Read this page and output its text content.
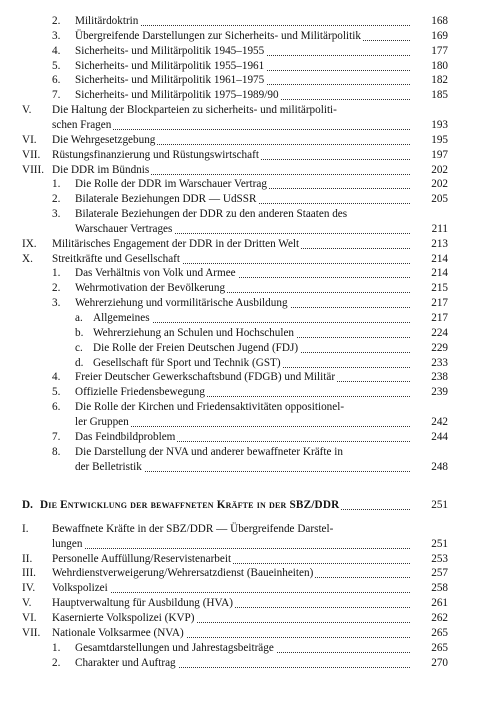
2. Militärdoktrin	168
3. Übergreifende Darstellungen zur Sicherheits- und Militärpolitik	169
4. Sicherheits- und Militärpolitik 1945–1955	177
5. Sicherheits- und Militärpolitik 1955–1961	180
6. Sicherheits- und Militärpolitik 1961–1975	182
7. Sicherheits- und Militärpolitik 1975–1989/90	185
V. Die Haltung der Blockparteien zu sicherheits- und militärpoliti-
schen Fragen	193
VI. Die Wehrgesetzgebung	195
VII. Rüstungsfinanzierung und Rüstungswirtschaft	197
VIII. Die DDR im Bündnis	202
1. Die Rolle der DDR im Warschauer Vertrag	202
2. Bilaterale Beziehungen DDR — UdSSR	205
3. Bilaterale Beziehungen der DDR zu den anderen Staaten des
Warschauer Vertrages	211
IX. Militärisches Engagement der DDR in der Dritten Welt	213
X. Streitkräfte und Gesellschaft	214
1. Das Verhältnis von Volk und Armee	214
2. Wehrmotivation der Bevölkerung	215
3. Wehrerziehung und vormilitärische Ausbildung	217
a. Allgemeines	217
b. Wehrerziehung an Schulen und Hochschulen	224
c. Die Rolle der Freien Deutschen Jugend (FDJ)	229
d. Gesellschaft für Sport und Technik (GST)	233
4. Freier Deutscher Gewerkschaftsbund (FDGB) und Militär	238
5. Offizielle Friedensbewegung	239
6. Die Rolle der Kirchen und Friedensaktivitäten oppositionel-
ler Gruppen	242
7. Das Feindbildproblem	244
8. Die Darstellung der NVA und anderer bewaffneter Kräfte in
der Belletristik	248
D. Die Entwicklung der bewaffneten Kräfte in der SBZ/DDR	251
I. Bewaffnete Kräfte in der SBZ/DDR — Übergreifende Darstel-
lungen	251
II. Personelle Auffüllung/Reservistenarbeit	253
III. Wehrdienstverweigerung/Wehrersatzdienst (Baueinheiten)	257
IV. Volkspolizei	258
V. Hauptverwaltung für Ausbildung (HVA)	261
VI. Kasernierte Volkspolizei (KVP)	262
VII. Nationale Volksarmee (NVA)	265
1. Gesamtdarstellungen und Jahrestagsbeiträge	265
2. Charakter und Auftrag	270
